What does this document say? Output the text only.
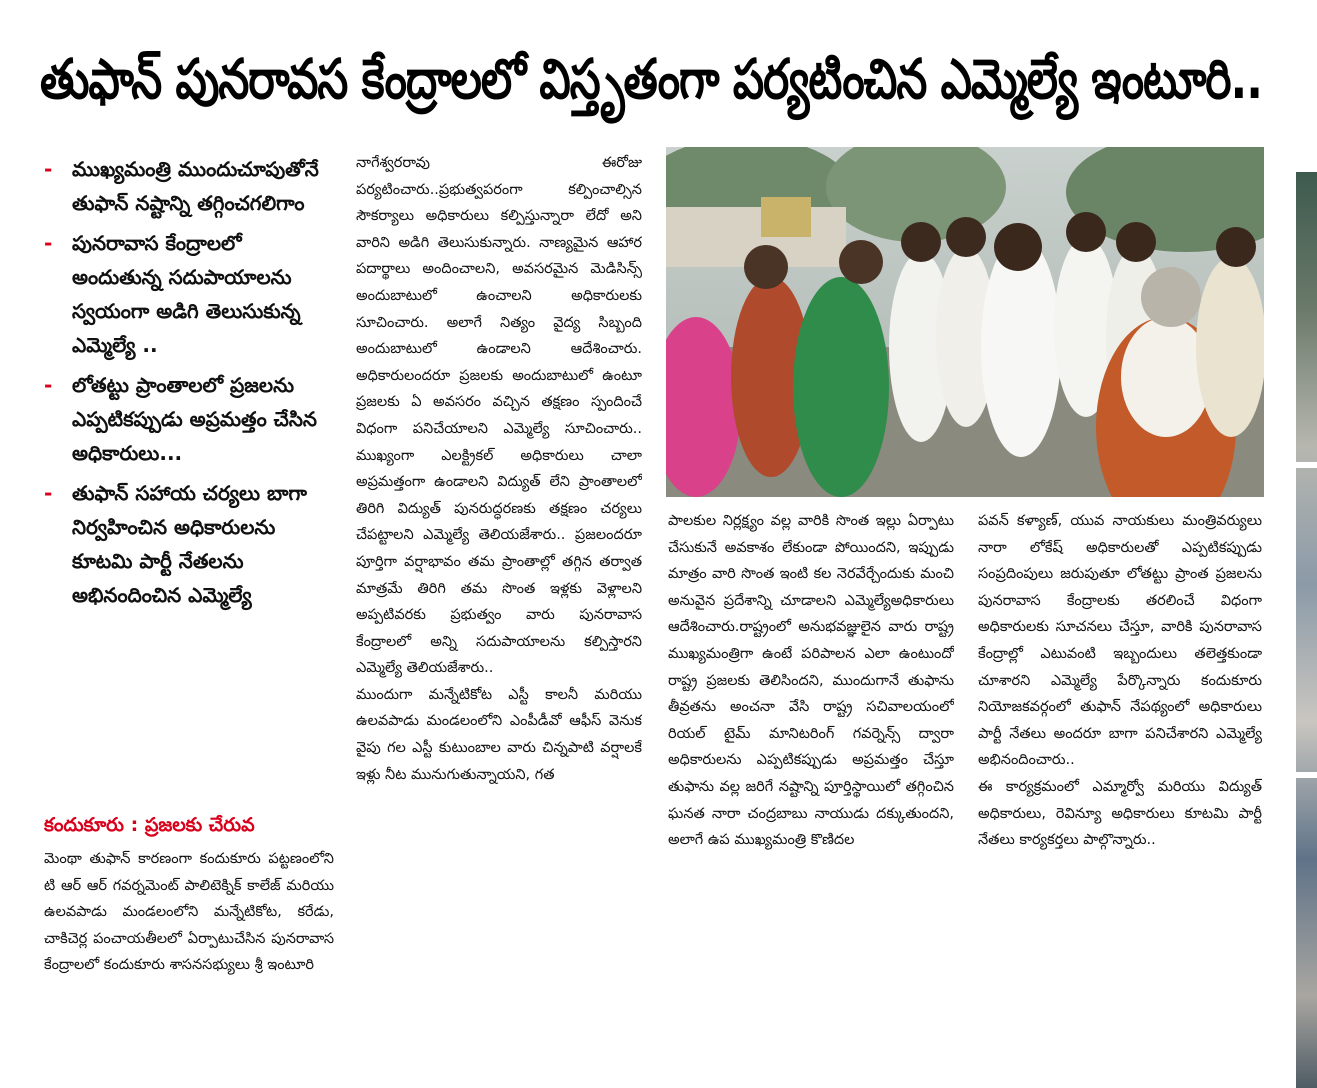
తుఫాన్ పునరావస కేంద్రాలలో విస్తృతంగా పర్యటించిన ఎమ్మెల్యే ఇంటూరి..
- ముఖ్యమంత్రి ముందుచూపుతోనే తుఫాన్ నష్టాన్ని తగ్గించగలిగాం
- పునరావాస కేంద్రాలలో అందుతున్న సదుపాయాలను స్వయంగా అడిగి తెలుసుకున్న ఎమ్మెల్యే ..
- లోతట్టు ప్రాంతాలలో ప్రజలను ఎప్పటికప్పుడు అప్రమత్తం చేసిన అధికారులు...
- తుఫాన్ సహాయ చర్యలు బాగా నిర్వహించిన అధికారులను కూటమి పార్టీ నేతలను అభినందించిన ఎమ్మెల్యే
కందుకూరు : ప్రజలకు చేరువ

మెంథా తుఫాన్ కారణంగా కందుకూరు పట్టణంలోని టి ఆర్ ఆర్ గవర్నమెంట్ పాలిటెక్నిక్ కాలేజ్ మరియు ఉలవపాడు మండలంలోని మన్నేటికోట, కరేడు, చాకిచెర్ల పంచాయతీలలో ఏర్పాటుచేసిన పునరావాస కేంద్రాలలో కందుకూరు శాసనసభ్యులు శ్రీ ఇంటూరి

నాగేశ్వరరావు ఈరోజు పర్యటించారు..ప్రభుత్వపరంగా కల్పించాల్సిన సౌకర్యాలు అధికారులు కల్పిస్తున్నారా లేదో అని వారిని అడిగి తెలుసుకున్నారు. నాణ్యమైన ఆహార పదార్థాలు అందించాలని, అవసరమైన మెడిసిన్స్ అందుబాటులో ఉంచాలని అధికారులకు సూచించారు. అలాగే నిత్యం వైద్య సిబ్బంది అందుబాటులో ఉండాలని ఆదేశించారు. అధికారులందరూ ప్రజలకు అందుబాటులో ఉంటూ ప్రజలకు ఏ అవసరం వచ్చిన తక్షణం స్పందించే విధంగా పనిచేయాలని ఎమ్మెల్యే సూచించారు.. ముఖ్యంగా ఎలక్ట్రికల్ అధికారులు చాలా అప్రమత్తంగా ఉండాలని విద్యుత్ లేని ప్రాంతాలలో తిరిగి విద్యుత్ పునరుద్ధరణకు తక్షణం చర్యలు చేపట్టాలని ఎమ్మెల్యే తెలియజేశారు.. ప్రజలందరూ పూర్తిగా వర్షాభావం తమ ప్రాంతాల్లో తగ్గిన తర్వాత మాత్రమే తిరిగి తమ సొంత ఇళ్లకు వెళ్లాలని అప్పటివరకు ప్రభుత్వం వారు పునరావాస కేంద్రాలలో అన్ని సదుపాయాలను కల్పిస్తారని ఎమ్మెల్యే తెలియజేశారు..

ముందుగా మన్నేటికోట ఎస్టీ కాలనీ మరియు ఉలవపాడు మండలంలోని ఎంపీడీవో ఆఫీస్ వెనుక వైపు గల ఎస్టీ కుటుంబాల వారు చిన్నపాటి వర్షాలకే ఇళ్లు నీట మునుగుతున్నాయని, గత

పాలకుల నిర్లక్ష్యం వల్ల వారికి సొంత ఇల్లు ఏర్పాటు చేసుకునే అవకాశం లేకుండా పోయిందని, ఇప్పుడు మాత్రం వారి సొంత ఇంటి కల నెరవేర్చేందుకు మంచి అనువైన ప్రదేశాన్ని చూడాలని ఎమ్మెల్యేఅధికారులు ఆదేశించారు.రాష్ట్రంలో అనుభవజ్ఞులైన వారు రాష్ట్ర ముఖ్యమంత్రిగా ఉంటే పరిపాలన ఎలా ఉంటుందో రాష్ట్ర ప్రజలకు తెలిసిందని, ముందుగానే తుఫాను తీవ్రతను అంచనా వేసి రాష్ట్ర సచివాలయంలో రియల్ టైమ్ మానిటరింగ్ గవర్నెన్స్ ద్వారా అధికారులను ఎప్పటికప్పుడు అప్రమత్తం చేస్తూ తుఫాను వల్ల జరిగే నష్టాన్ని పూర్తిస్థాయిలో తగ్గించిన ఘనత నారా చంద్రబాబు నాయుడు దక్కుతుందని, అలాగే ఉప ముఖ్యమంత్రి కొణిదల

పవన్ కళ్యాణ్, యువ నాయకులు మంత్రివర్యులు నారా లోకేష్ అధికారులతో ఎప్పటికప్పుడు సంప్రదింపులు జరుపుతూ లోతట్టు ప్రాంత ప్రజలను పునరావాస కేంద్రాలకు తరలించే విధంగా అధికారులకు సూచనలు చేస్తూ, వారికి పునరావాస కేంద్రాల్లో ఎటువంటి ఇబ్బందులు తలెత్తకుండా చూశారని ఎమ్మెల్యే పేర్కొన్నారు కందుకూరు నియోజకవర్గంలో తుఫాన్ నేపథ్యంలో అధికారులు పార్టీ నేతలు అందరూ బాగా పనిచేశారని ఎమ్మెల్యే అభినందించారు..

ఈ కార్యక్రమంలో ఎమ్మార్వో మరియు విద్యుత్ అధికారులు, రెవిన్యూ అధికారులు కూటమి పార్టీ నేతలు కార్యకర్తలు పాల్గొన్నారు..
